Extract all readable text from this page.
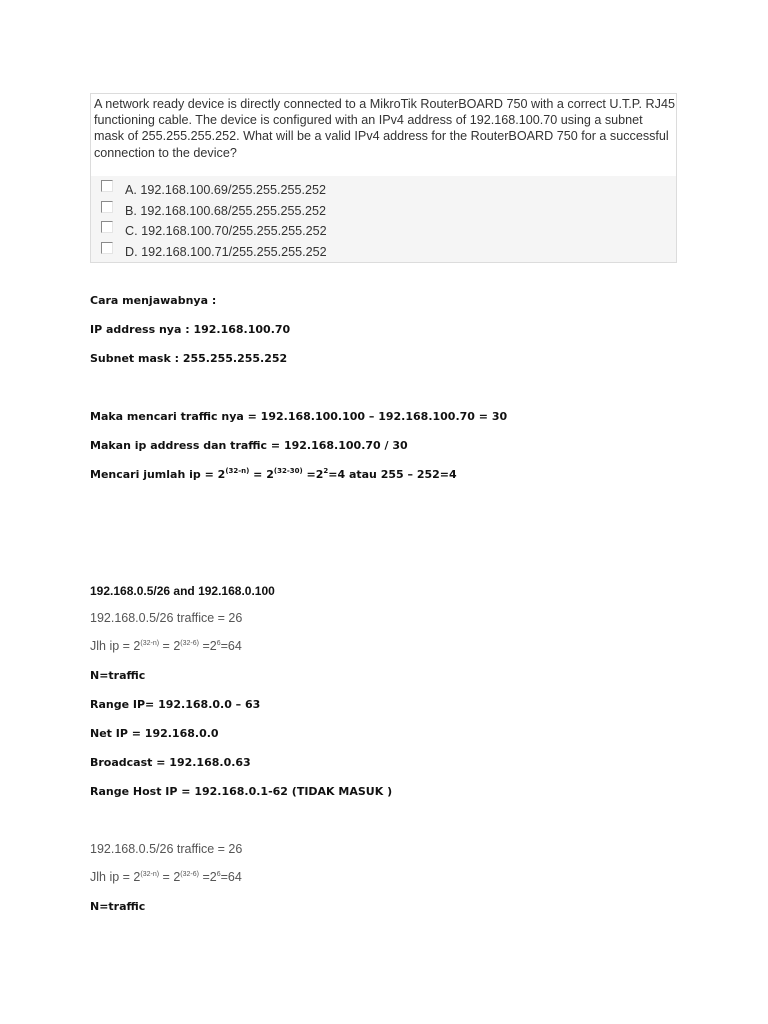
A network ready device is directly connected to a MikroTik RouterBOARD 750 with a correct U.T.P. RJ45 functioning cable. The device is configured with an IPv4 address of 192.168.100.70 using a subnet mask of 255.255.255.252. What will be a valid IPv4 address for the RouterBOARD 750 for a successful connection to the device?
A. 192.168.100.69/255.255.255.252
B. 192.168.100.68/255.255.255.252
C. 192.168.100.70/255.255.255.252
D. 192.168.100.71/255.255.255.252
Cara menjawabnya :
IP address nya : 192.168.100.70
Subnet mask : 255.255.255.252
Maka mencari traffic nya = 192.168.100.100 – 192.168.100.70 = 30
Makan ip address dan traffic = 192.168.100.70 / 30
Mencari jumlah ip = $2^{(32-n)} = 2^{(32-30)} =2^2=4$ atau 255 – 252=4
192.168.0.5/26 and 192.168.0.100
192.168.0.5/26 traffice = 26
Jlh ip = $2^{(32-n)} = 2^{(32-6)} =2^6=64$
N=traffic
Range IP= 192.168.0.0 – 63
Net IP = 192.168.0.0
Broadcast = 192.168.0.63
Range Host IP = 192.168.0.1-62 (TIDAK MASUK )
192.168.0.5/26 traffice = 26
Jlh ip = $2^{(32-n)} = 2^{(32-6)} =2^6=64$
N=traffic
